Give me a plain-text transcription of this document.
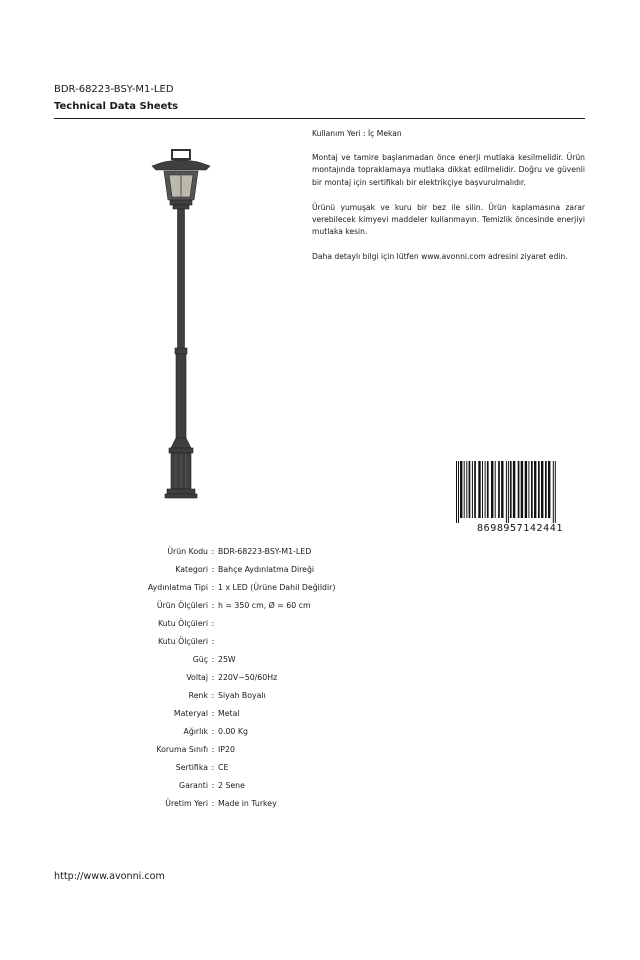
BDR-68223-BSY-M1-LED
Technical Data Sheets

Kullanım Yeri : İç Mekan

Montaj ve tamire başlanmadan önce enerji mutlaka kesilmelidir. Ürün montajında topraklamaya mutlaka dikkat edilmelidir. Doğru ve güvenli bir montaj için sertifikalı bir elektrikçiye başvurulmalıdır.

Ürünü yumuşak ve kuru bir bez ile silin. Ürün kaplamasına zarar verebilecek kimyevi maddeler kullanmayın. Temizlik öncesinde enerjiyi mutlaka kesin.

Daha detaylı bilgi için lütfen www.avonni.com adresini ziyaret edin.

8698957142441
Ürün Kodu : BDR-68223-BSY-M1-LED
Kategori : Bahçe Aydınlatma Direği
Aydınlatma Tipi : 1 x LED (Ürüne Dahil Değildir)
Ürün Ölçüleri : h = 350 cm, Ø = 60 cm
Kutu Ölçüleri :
Kutu Ölçüleri :
Güç : 25W
Voltaj : 220V~50/60Hz
Renk : Siyah Boyalı
Materyal : Metal
Ağırlık : 0.00 Kg
Koruma Sınıfı : IP20
Sertifika : CE
Garanti : 2 Sene
Üretim Yeri : Made in Turkey
http://www.avonni.com
